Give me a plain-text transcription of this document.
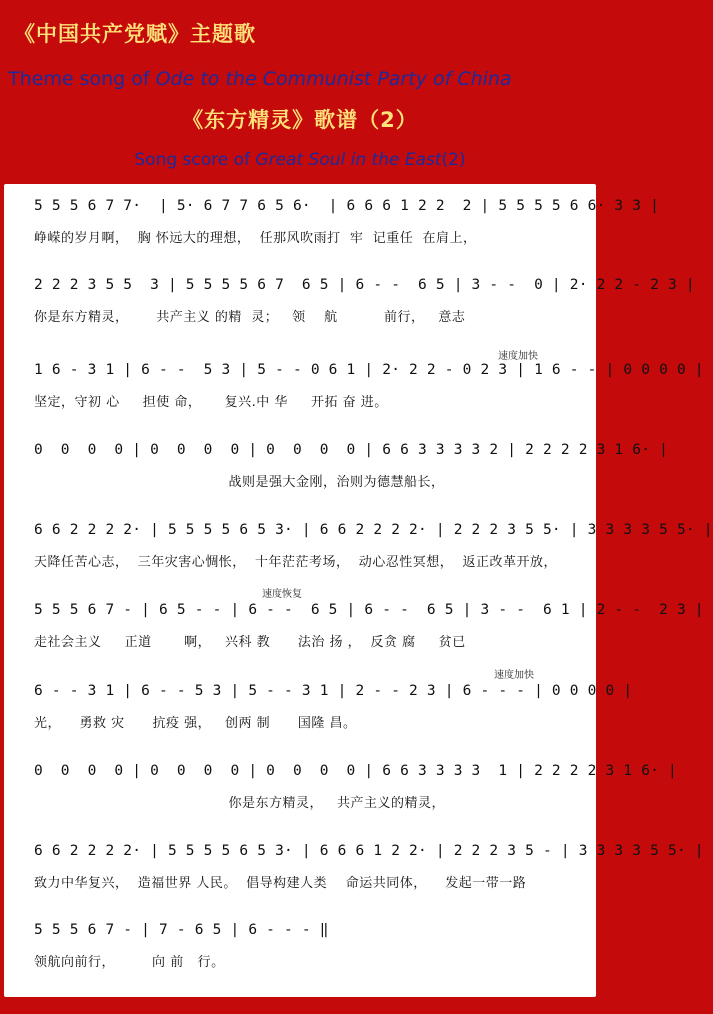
《中国共产党赋》主题歌
Theme song of Ode to the Communist Party of China
《东方精灵》歌谱（2）
Song score of Great Soul in the East(2)
速度加快
速度恢复
速度加快
5 5 5 6 7 7·  | 5· 6 7 7 6 5 6·  | 6 6 6 1 2 2  2 | 5 5 5 5 6 6· 3 3 |
峥嵘的岁月啊，  胸 怀远大的理想，  任那风吹雨打  牢  记重任  在肩上，
2 2 2 3 5 5  3 | 5 5 5 5 6 7  6 5 | 6 - -  6 5 | 3 - -  0 | 2· 2 2 - 2 3 |
你是东方精灵，      共产主义 的精  灵；   领    航          前行，   意志
1 6 - 3 1 | 6 - -  5 3 | 5 - - 0 6 1 | 2· 2 2 - 0 2 3 | 1 6 - - | 0 0 0 0 |
坚定，守初 心     担使 命，     复兴.中 华     开拓 奋 进。
0  0  0  0 | 0  0  0  0 | 0  0  0  0 | 6 6 3 3 3 3 2 | 2 2 2 2 3 1 6· |
战则是强大金刚，治则为德慧船长，
6 6 2 2 2 2· | 5 5 5 5 6 5 3· | 6 6 2 2 2 2· | 2 2 2 3 5 5· | 3 3 3 3 5 5· |
天降任苦心志，  三年灾害心惆怅，  十年茫茫考场，  动心忍性冥想，  返正改革开放，
5 5 5 6 7 - | 6 5 - - | 6 - -  6 5 | 6 - -  6 5 | 3 - -  6 1 | 2 - -  2 3 |
走社会主义     正道       啊，   兴科 教      法治 扬 ，  反贪 腐     贫已
6 - - 3 1 | 6 - - 5 3 | 5 - - 3 1 | 2 - - 2 3 | 6 - - - | 0 0 0 0 |
光，    勇救 灾      抗疫 强，   创两 制      国隆 昌。
0  0  0  0 | 0  0  0  0 | 0  0  0  0 | 6 6 3 3 3 3  1 | 2 2 2 2 3 1 6· |
你是东方精灵，   共产主义的精灵，
6 6 2 2 2 2· | 5 5 5 5 6 5 3· | 6 6 6 1 2 2· | 2 2 2 3 5 - | 3 3 3 3 5 5· |
致力中华复兴，  造福世界 人民。  倡导构建人类    命运共同体，    发起一带一路
5 5 5 6 7 - | 7 - 6 5 | 6 - - - ‖
领航向前行，        向 前   行。
